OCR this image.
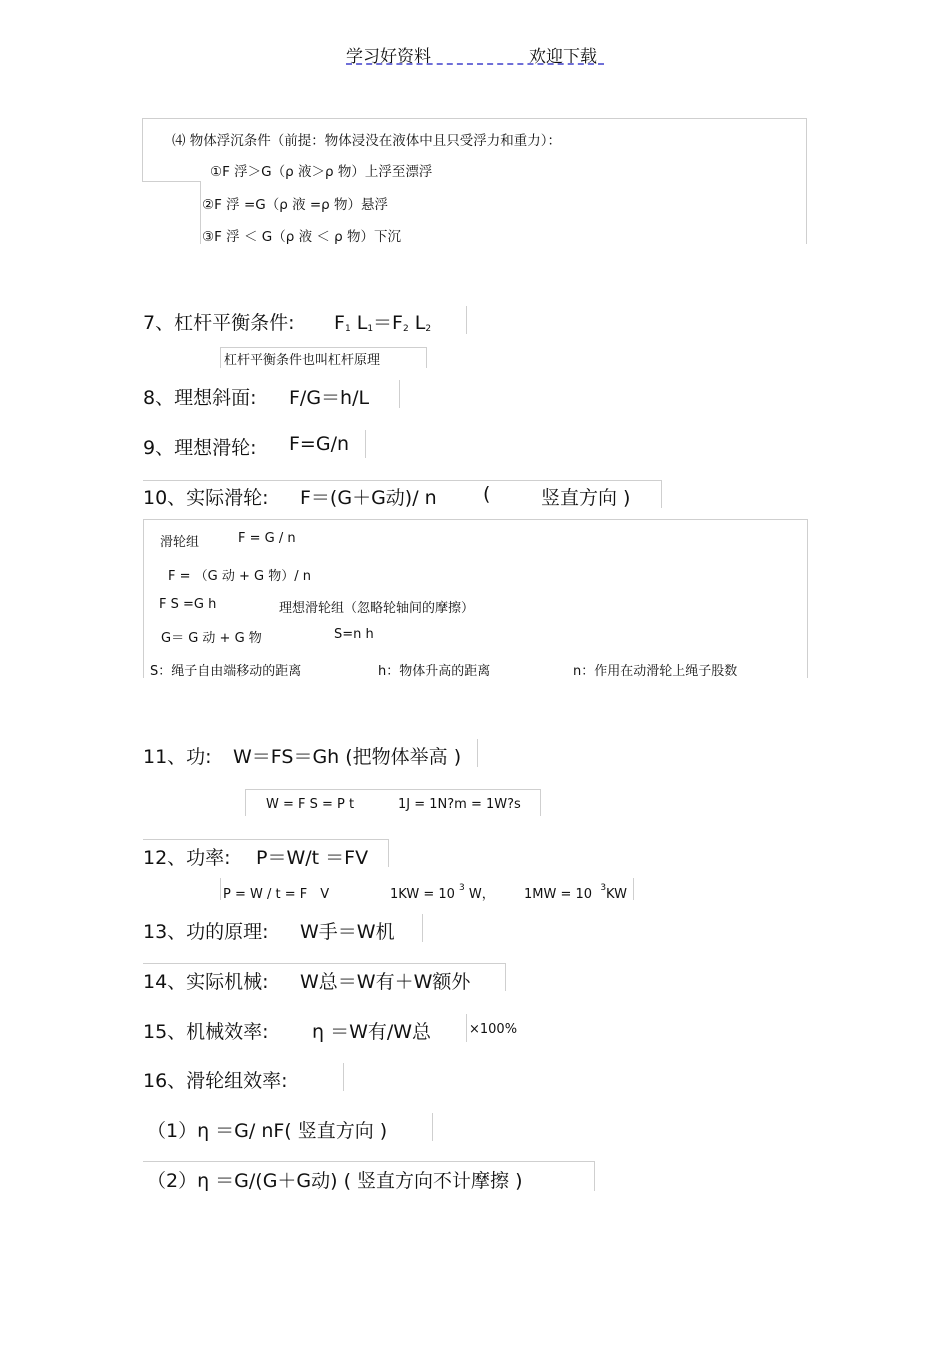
学习好资料	欢迎下载
⑷ 物体浮沉条件（前提：物体浸没在液体中且只受浮力和重力）：
①F 浮＞G（ρ 液＞ρ 物）上浮至漂浮
②F 浮 =G（ρ 液 =ρ 物）悬浮
③F 浮 ＜ G（ρ 液 ＜ ρ 物）下沉
7、杠杆平衡条件: $F_1$ $L_1=F_2$ $L_2$
杠杆平衡条件也叫杠杆原理
8、理想斜面: F/G＝h/L
9、理想滑轮: F=G/n
10、实际滑轮: F＝(G＋G动)/ n (	竖直方向 )
滑轮组	F = G / n
F = （G 动 + G 物）/ n
F S =G h	理想滑轮组（忽略轮轴间的摩擦）
G＝ G 动 + G 物	S=n h
S：绳子自由端移动的距离	h：物体升高的距离	n：作用在动滑轮上绳子股数
11、功: W＝FS＝Gh (把物体举高 )
W = F S = P t	1J = 1N?m = 1W?s
12、功率: P＝W/t ＝FV
P = W / t = F　V	1KW = 10 $^3$ W， 1MW = 10 $^3$KW
13、功的原理: W手＝W机
14、实际机械: W总＝W有＋W额外
15、机械效率: η ＝W有/W总	×100%
16、滑轮组效率:
（1）η ＝G/ nF( 竖直方向 )
（2）η ＝G/(G＋G动) ( 竖直方向不计摩擦 )
